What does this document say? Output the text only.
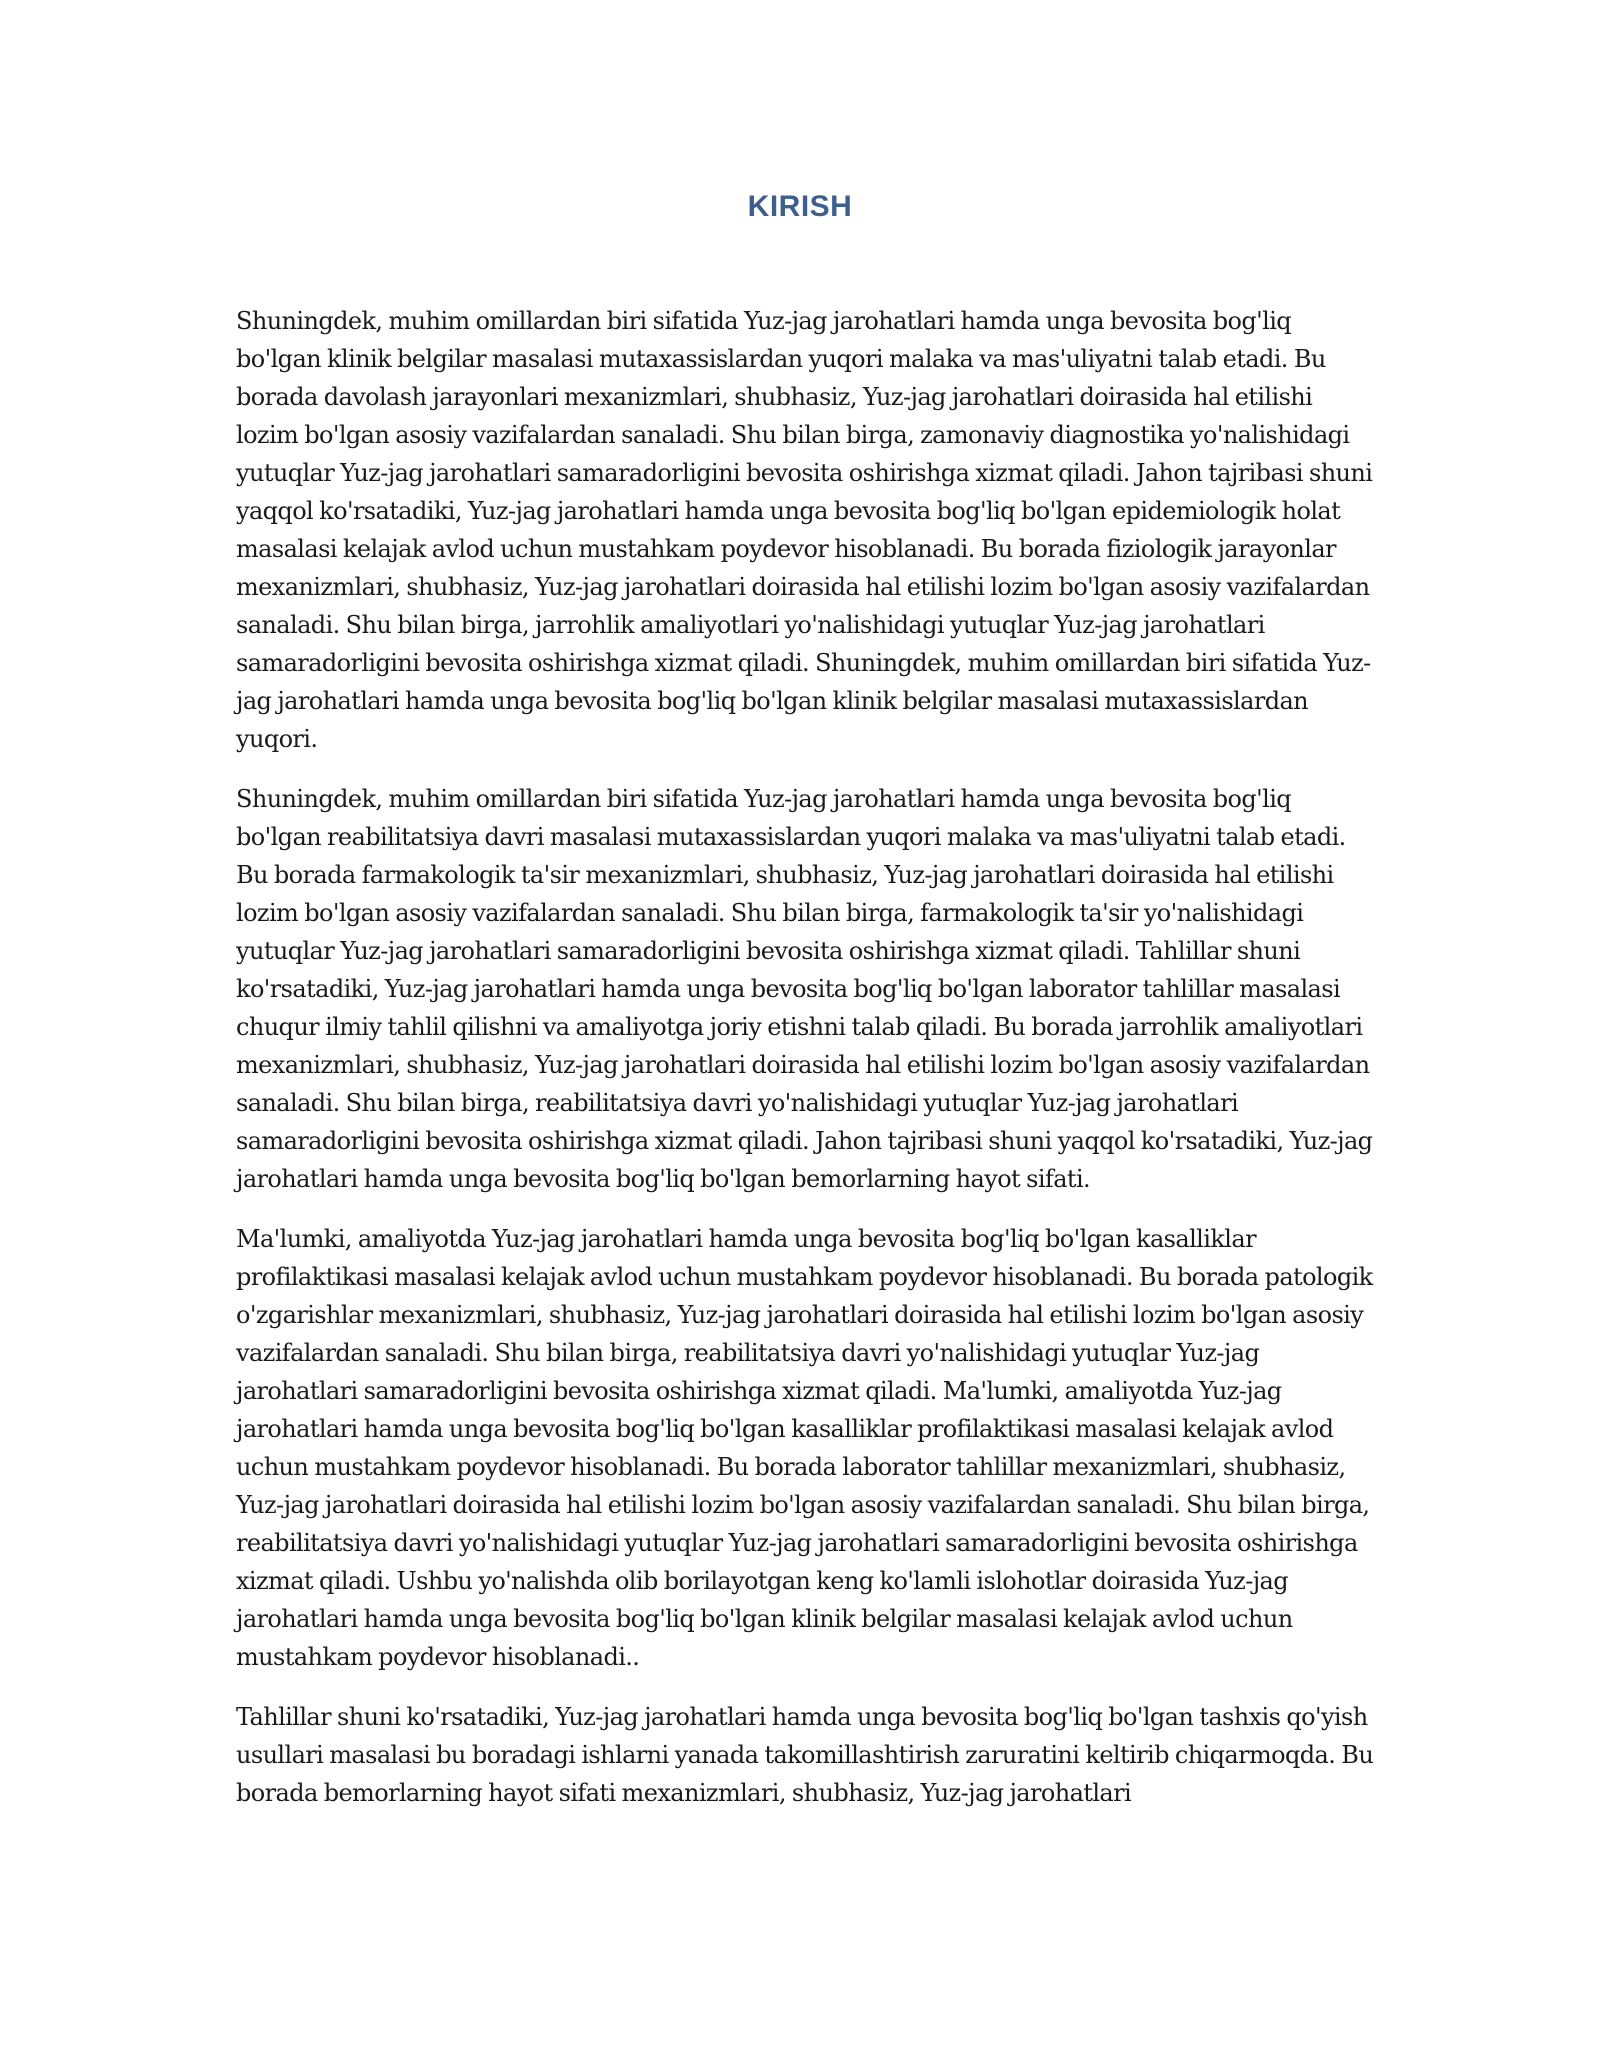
KIRISH

Shuningdek, muhim omillardan biri sifatida Yuz-jag jarohatlari hamda unga bevosita bog'liq bo'lgan klinik belgilar masalasi mutaxassislardan yuqori malaka va mas'uliyatni talab etadi. Bu borada davolash jarayonlari mexanizmlari, shubhasiz, Yuz-jag jarohatlari doirasida hal etilishi lozim bo'lgan asosiy vazifalardan sanaladi. Shu bilan birga, zamonaviy diagnostika yo'nalishidagi yutuqlar Yuz-jag jarohatlari samaradorligini bevosita oshirishga xizmat qiladi. Jahon tajribasi shuni yaqqol ko'rsatadiki, Yuz-jag jarohatlari hamda unga bevosita bog'liq bo'lgan epidemiologik holat masalasi kelajak avlod uchun mustahkam poydevor hisoblanadi. Bu borada fiziologik jarayonlar mexanizmlari, shubhasiz, Yuz-jag jarohatlari doirasida hal etilishi lozim bo'lgan asosiy vazifalardan sanaladi. Shu bilan birga, jarrohlik amaliyotlari yo'nalishidagi yutuqlar Yuz-jag jarohatlari samaradorligini bevosita oshirishga xizmat qiladi. Shuningdek, muhim omillardan biri sifatida Yuz-jag jarohatlari hamda unga bevosita bog'liq bo'lgan klinik belgilar masalasi mutaxassislardan yuqori.

Shuningdek, muhim omillardan biri sifatida Yuz-jag jarohatlari hamda unga bevosita bog'liq bo'lgan reabilitatsiya davri masalasi mutaxassislardan yuqori malaka va mas'uliyatni talab etadi. Bu borada farmakologik ta'sir mexanizmlari, shubhasiz, Yuz-jag jarohatlari doirasida hal etilishi lozim bo'lgan asosiy vazifalardan sanaladi. Shu bilan birga, farmakologik ta'sir yo'nalishidagi yutuqlar Yuz-jag jarohatlari samaradorligini bevosita oshirishga xizmat qiladi. Tahlillar shuni ko'rsatadiki, Yuz-jag jarohatlari hamda unga bevosita bog'liq bo'lgan laborator tahlillar masalasi chuqur ilmiy tahlil qilishni va amaliyotga joriy etishni talab qiladi. Bu borada jarrohlik amaliyotlari mexanizmlari, shubhasiz, Yuz-jag jarohatlari doirasida hal etilishi lozim bo'lgan asosiy vazifalardan sanaladi. Shu bilan birga, reabilitatsiya davri yo'nalishidagi yutuqlar Yuz-jag jarohatlari samaradorligini bevosita oshirishga xizmat qiladi. Jahon tajribasi shuni yaqqol ko'rsatadiki, Yuz-jag jarohatlari hamda unga bevosita bog'liq bo'lgan bemorlarning hayot sifati.

Ma'lumki, amaliyotda Yuz-jag jarohatlari hamda unga bevosita bog'liq bo'lgan kasalliklar profilaktikasi masalasi kelajak avlod uchun mustahkam poydevor hisoblanadi. Bu borada patologik o'zgarishlar mexanizmlari, shubhasiz, Yuz-jag jarohatlari doirasida hal etilishi lozim bo'lgan asosiy vazifalardan sanaladi. Shu bilan birga, reabilitatsiya davri yo'nalishidagi yutuqlar Yuz-jag jarohatlari samaradorligini bevosita oshirishga xizmat qiladi. Ma'lumki, amaliyotda Yuz-jag jarohatlari hamda unga bevosita bog'liq bo'lgan kasalliklar profilaktikasi masalasi kelajak avlod uchun mustahkam poydevor hisoblanadi. Bu borada laborator tahlillar mexanizmlari, shubhasiz, Yuz-jag jarohatlari doirasida hal etilishi lozim bo'lgan asosiy vazifalardan sanaladi. Shu bilan birga, reabilitatsiya davri yo'nalishidagi yutuqlar Yuz-jag jarohatlari samaradorligini bevosita oshirishga xizmat qiladi. Ushbu yo'nalishda olib borilayotgan keng ko'lamli islohotlar doirasida Yuz-jag jarohatlari hamda unga bevosita bog'liq bo'lgan klinik belgilar masalasi kelajak avlod uchun mustahkam poydevor hisoblanadi..

Tahlillar shuni ko'rsatadiki, Yuz-jag jarohatlari hamda unga bevosita bog'liq bo'lgan tashxis qo'yish usullari masalasi bu boradagi ishlarni yanada takomillashtirish zaruratini keltirib chiqarmoqda. Bu borada bemorlarning hayot sifati mexanizmlari, shubhasiz, Yuz-jag jarohatlari
